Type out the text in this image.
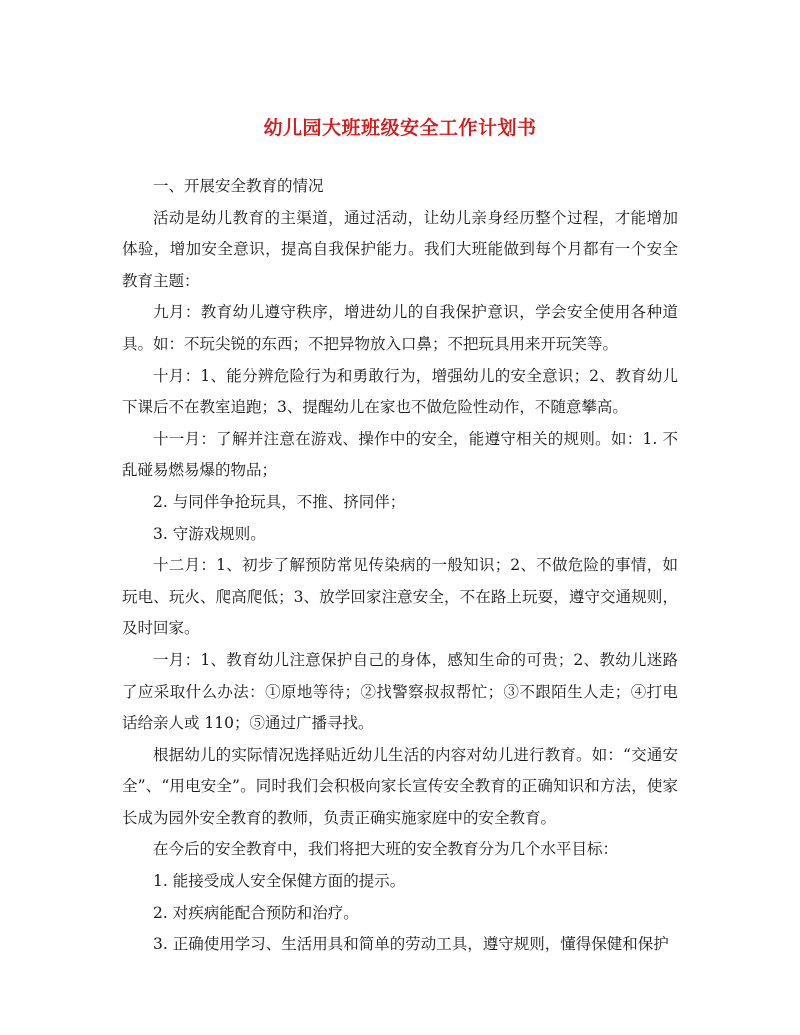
幼儿园大班班级安全工作计划书

一、开展安全教育的情况

活动是幼儿教育的主渠道，通过活动，让幼儿亲身经历整个过程，才能增加体验，增加安全意识，提高自我保护能力。我们大班能做到每个月都有一个安全教育主题：

九月：教育幼儿遵守秩序，增进幼儿的自我保护意识，学会安全使用各种道具。如：不玩尖锐的东西；不把异物放入口鼻；不把玩具用来开玩笑等。

十月：1、能分辨危险行为和勇敢行为，增强幼儿的安全意识；2、教育幼儿下课后不在教室追跑；3、提醒幼儿在家也不做危险性动作，不随意攀高。

十一月：了解并注意在游戏、操作中的安全，能遵守相关的规则。如：1. 不乱碰易燃易爆的物品；

2. 与同伴争抢玩具，不推、挤同伴；

3. 守游戏规则。

十二月：1、初步了解预防常见传染病的一般知识；2、不做危险的事情，如玩电、玩火、爬高爬低；3、放学回家注意安全，不在路上玩耍，遵守交通规则，及时回家。

一月：1、教育幼儿注意保护自己的身体，感知生命的可贵；2、教幼儿迷路了应采取什么办法：①原地等待；②找警察叔叔帮忙；③不跟陌生人走；④打电话给亲人或 110；⑤通过广播寻找。

根据幼儿的实际情况选择贴近幼儿生活的内容对幼儿进行教育。如：“交通安全”、“用电安全”。同时我们会积极向家长宣传安全教育的正确知识和方法，使家长成为园外安全教育的教师，负责正确实施家庭中的安全教育。

在今后的安全教育中，我们将把大班的安全教育分为几个水平目标：

1. 能接受成人安全保健方面的提示。

2. 对疾病能配合预防和治疗。

3. 正确使用学习、生活用具和简单的劳动工具，遵守规则，懂得保健和保护
